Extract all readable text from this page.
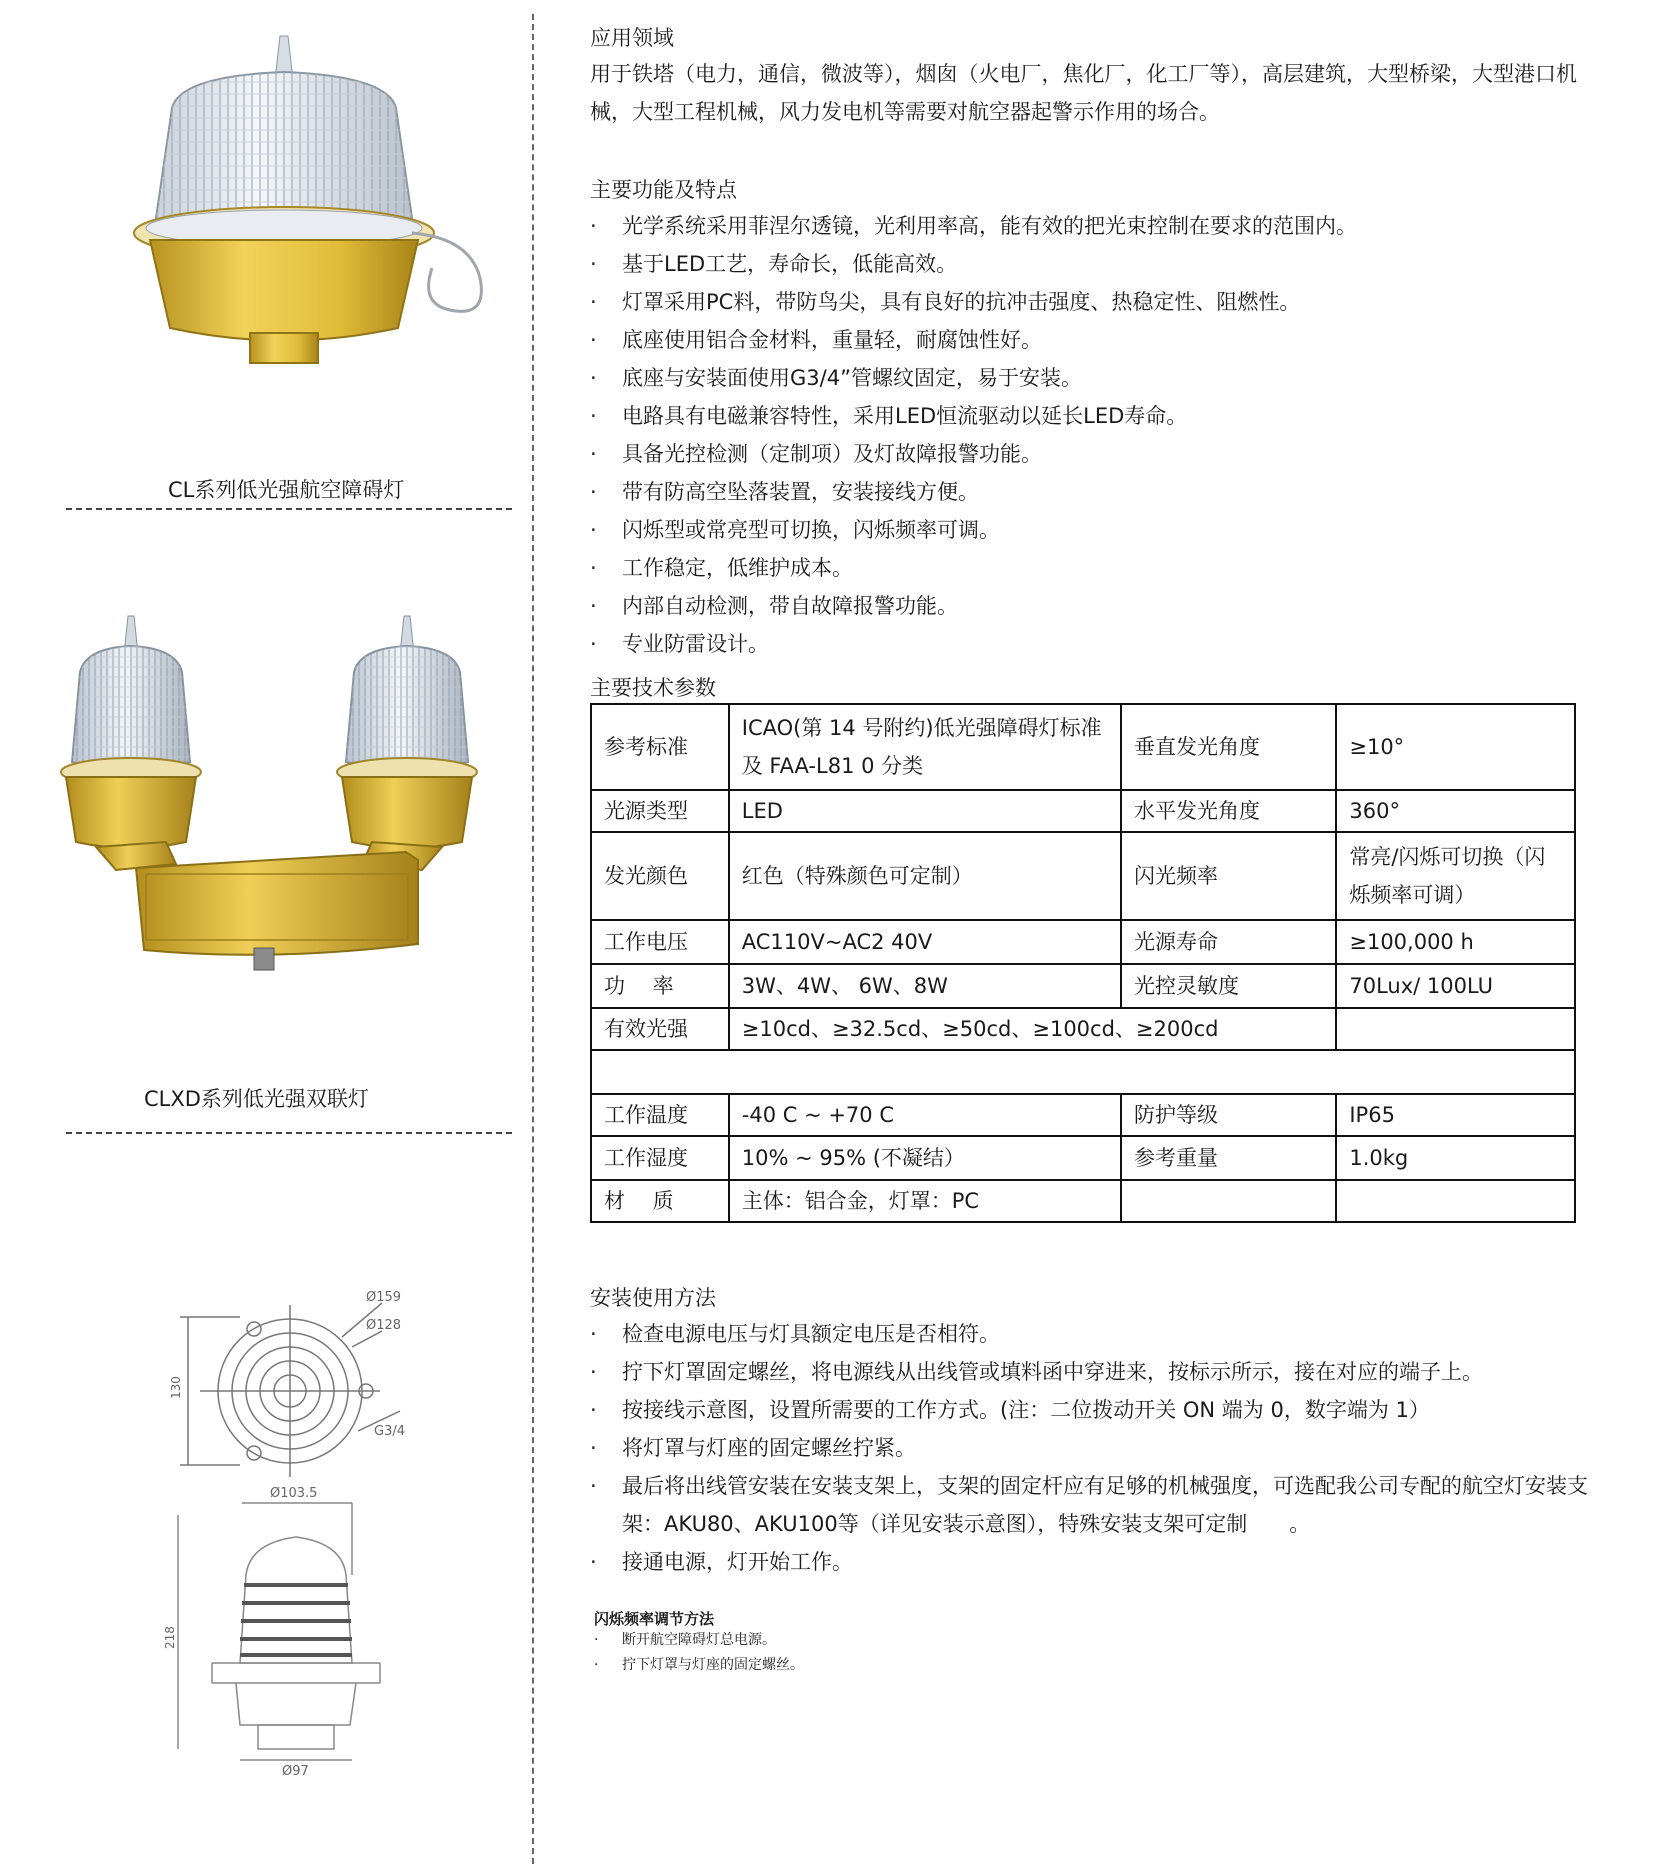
CL系列低光强航空障碍灯
CLXD系列低光强双联灯
Ø159
Ø128
G3/4
130
Ø103.5
218
Ø97
应用领域
用于铁塔（电力，通信，微波等），烟囱（火电厂，焦化厂，化工厂等），高层建筑，大型桥梁，大型港口机械，大型工程机械，风力发电机等需要对航空器起警示作用的场合。
主要功能及特点
· 光学系统采用菲涅尔透镜，光利用率高，能有效的把光束控制在要求的范围内。
· 基于LED工艺，寿命长，低能高效。
· 灯罩采用PC料，带防鸟尖，具有良好的抗冲击强度、热稳定性、阻燃性。
· 底座使用铝合金材料，重量轻，耐腐蚀性好。
· 底座与安装面使用G3/4”管螺纹固定，易于安装。
· 电路具有电磁兼容特性，采用LED恒流驱动以延长LED寿命。
· 具备光控检测（定制项）及灯故障报警功能。
· 带有防高空坠落装置，安装接线方便。
· 闪烁型或常亮型可切换，闪烁频率可调。
· 工作稳定，低维护成本。
· 内部自动检测，带自故障报警功能。
· 专业防雷设计。
主要技术参数
参考标准	ICAO(第 14 号附约)低光强障碍灯标准及 FAA-L81 0 分类	垂直发光角度	≥10°
光源类型	LED	水平发光角度	360°
发光颜色	红色（特殊颜色可定制）	闪光频率	常亮/闪烁可切换（闪烁频率可调）
工作电压	AC110V~AC2 40V	光源寿命	≥100,000 h
功　 率	3W、4W、 6W、8W	光控灵敏度	70Lux/ 100LU
有效光强	≥10cd、≥32.5cd、≥50cd、≥100cd、≥200cd		

工作温度	-40 C ~ +70 C	防护等级	IP65
工作湿度	10% ~ 95% (不凝结）	参考重量	1.0kg
材　 质	主体：铝合金，灯罩：PC		
安装使用方法
· 检查电源电压与灯具额定电压是否相符。
· 拧下灯罩固定螺丝，将电源线从出线管或填料函中穿进来，按标示所示，接在对应的端子上。
· 按接线示意图，设置所需要的工作方式。(注：二位拨动开关 ON 端为 0，数字端为 1）
· 将灯罩与灯座的固定螺丝拧紧。
· 最后将出线管安装在安装支架上，支架的固定杆应有足够的机械强度，可选配我公司专配的航空灯安装支架：AKU80、AKU100等（详见安装示意图），特殊安装支架可定制　　。
· 接通电源，灯开始工作。
闪烁频率调节方法
· 断开航空障碍灯总电源。
· 拧下灯罩与灯座的固定螺丝。
